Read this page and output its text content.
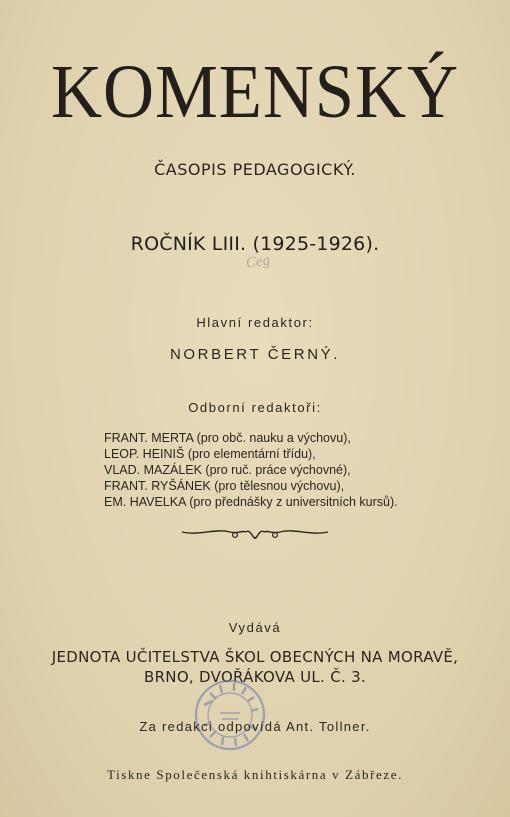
KOMENSKÝ
ČASOPIS PEDAGOGICKÝ.
ROČNÍK LIII. (1925-1926).
Ceg
Hlavní redaktor:
NORBERT ČERNÝ.
Odborní redaktoři:
FRANT. MERTA (pro obč. nauku a výchovu),
LEOP. HEINIŠ (pro elementární třídu),
VLAD. MAZÁLEK (pro ruč. práce výchovné),
FRANT. RYŠÁNEK (pro tělesnou výchovu),
EM. HAVELKA (pro přednášky z universitních kursů).
Vydává
JEDNOTA UČITELSTVA ŠKOL OBECNÝCH NA MORAVĚ,
BRNO, DVOŘÁKOVA UL. Č. 3.
Za redakci odpovídá Ant. Tollner.
Tiskne Společenská knihtiskárna v Zábřeze.
